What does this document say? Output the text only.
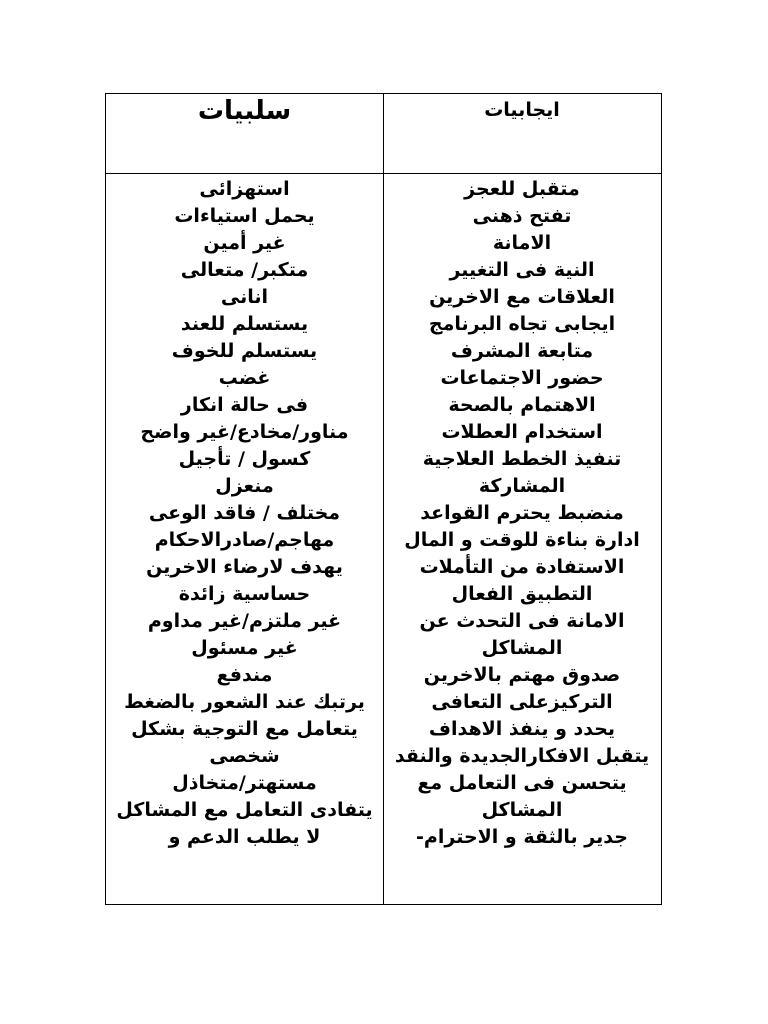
ايجابيات
سلبيات
متقبل للعجز
تفتح ذهنى
الامانة
النية فى التغيير
العلاقات مع الاخرين
ايجابى تجاه البرنامج
متابعة المشرف
حضور الاجتماعات
الاهتمام بالصحة
استخدام العطلات
تنفيذ الخطط العلاجية
المشاركة
منضبط يحترم القواعد
ادارة بناءة للوقت و المال
الاستفادة من التأملات
التطبيق الفعال
الامانة فى التحدث عن المشاكل
صدوق مهتم بالاخرين
التركيزعلى التعافى
يحدد و ينفذ الاهداف
يتقبل الافكارالجديدة والنقد
يتحسن فى التعامل مع المشاكل
جدير بالثقة و الاحترام-
استهزائى
يحمل استياءات
غير أمين
متكبر/ متعالى
انانى
يستسلم للعند
يستسلم للخوف
غضب
فى حالة انكار
مناور/مخادع/غير واضح
كسول / تأجيل
منعزل
مختلف / فاقد الوعى
مهاجم/صادرالاحكام
يهدف لارضاء الاخرين
حساسية زائدة
غير ملتزم/غير مداوم
غير مسئول
مندفع
يرتبك عند الشعور بالضغط
يتعامل مع التوجية بشكل شخصى
مستهتر/متخاذل
يتفادى التعامل مع المشاكل
لا يطلب الدعم و
